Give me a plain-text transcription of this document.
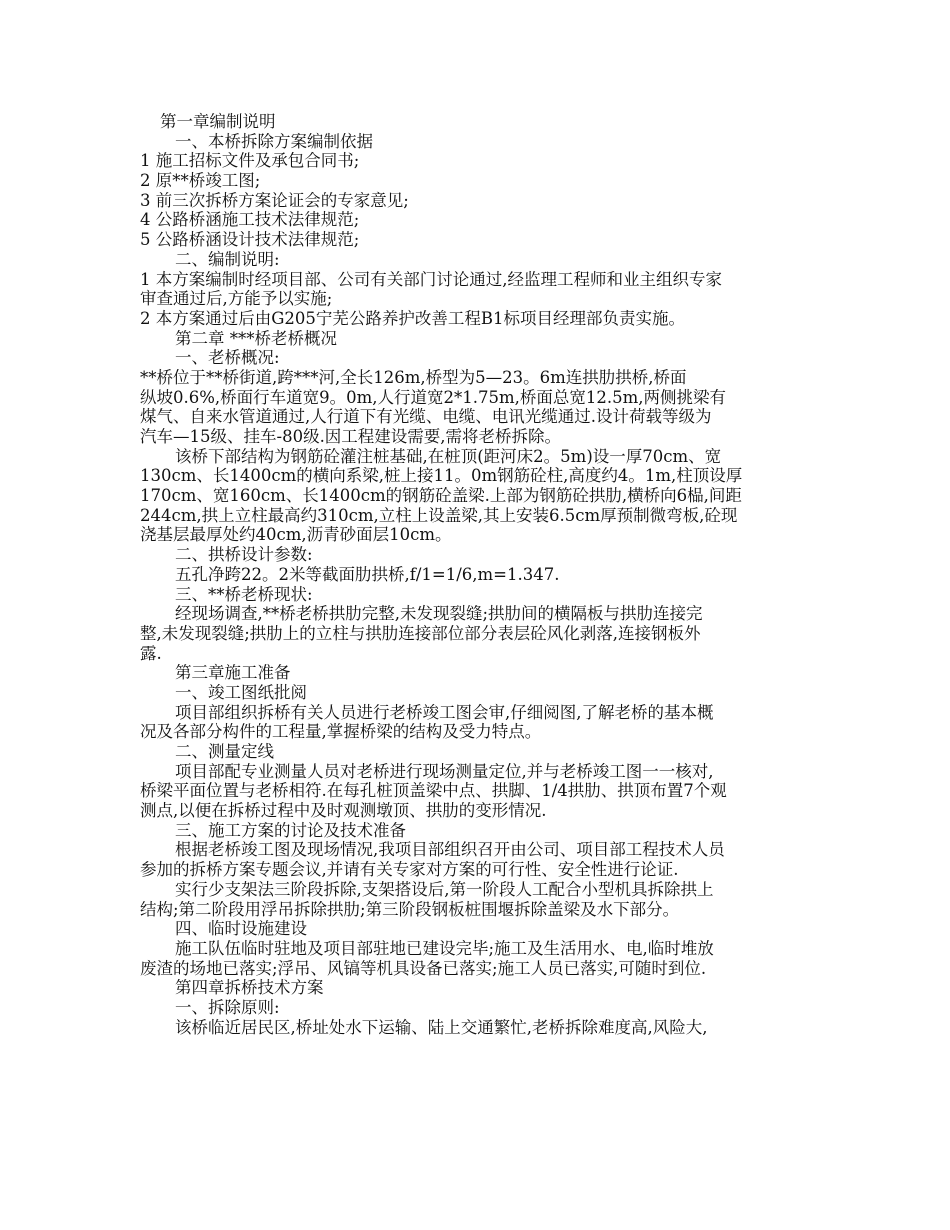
第一章编制说明
一、本桥拆除方案编制依据
1 施工招标文件及承包合同书;
2 原**桥竣工图;
3 前三次拆桥方案论证会的专家意见;
4 公路桥涵施工技术法律规范;
5 公路桥涵设计技术法律规范;
二、编制说明:
1 本方案编制时经项目部、公司有关部门讨论通过,经监理工程师和业主组织专家
审查通过后,方能予以实施;
2 本方案通过后由G205宁芜公路养护改善工程B1标项目经理部负责实施。
第二章 ***桥老桥概况
一、老桥概况:
**桥位于**桥街道,跨***河,全长126m,桥型为5—23。6m连拱肋拱桥,桥面
纵坡0.6%,桥面行车道宽9。0m,人行道宽2*1.75m,桥面总宽12.5m,两侧挑梁有
煤气、自来水管道通过,人行道下有光缆、电缆、电讯光缆通过.设计荷载等级为
汽车—15级、挂车-80级.因工程建设需要,需将老桥拆除。
该桥下部结构为钢筋砼灌注桩基础,在桩顶(距河床2。5m)设一厚70cm、宽
130cm、长1400cm的横向系梁,桩上接11。0m钢筋砼柱,高度约4。1m,柱顶设厚
170cm、宽160cm、长1400cm的钢筋砼盖梁.上部为钢筋砼拱肋,横桥向6榀,间距
244cm,拱上立柱最高约310cm,立柱上设盖梁,其上安装6.5cm厚预制微弯板,砼现
浇基层最厚处约40cm,沥青砂面层10cm。
二、拱桥设计参数:
五孔净跨22。2米等截面肋拱桥,f/1=1/6,m=1.347.
三、**桥老桥现状:
经现场调查,**桥老桥拱肋完整,未发现裂缝;拱肋间的横隔板与拱肋连接完
整,未发现裂缝;拱肋上的立柱与拱肋连接部位部分表层砼风化剥落,连接钢板外
露.
第三章施工准备
一、竣工图纸批阅
项目部组织拆桥有关人员进行老桥竣工图会审,仔细阅图,了解老桥的基本概
况及各部分构件的工程量,掌握桥梁的结构及受力特点。
二、测量定线
项目部配专业测量人员对老桥进行现场测量定位,并与老桥竣工图一一核对,
桥梁平面位置与老桥相符.在每孔桩顶盖梁中点、拱脚、1/4拱肋、拱顶布置7个观
测点,以便在拆桥过程中及时观测墩顶、拱肋的变形情况.
三、施工方案的讨论及技术准备
根据老桥竣工图及现场情况,我项目部组织召开由公司、项目部工程技术人员
参加的拆桥方案专题会议,并请有关专家对方案的可行性、安全性进行论证.
实行少支架法三阶段拆除,支架搭设后,第一阶段人工配合小型机具拆除拱上
结构;第二阶段用浮吊拆除拱肋;第三阶段钢板桩围堰拆除盖梁及水下部分。
四、临时设施建设
施工队伍临时驻地及项目部驻地已建设完毕;施工及生活用水、电,临时堆放
废渣的场地已落实;浮吊、风镐等机具设备已落实;施工人员已落实,可随时到位.
第四章拆桥技术方案
一、拆除原则:
该桥临近居民区,桥址处水下运输、陆上交通繁忙,老桥拆除难度高,风险大,
